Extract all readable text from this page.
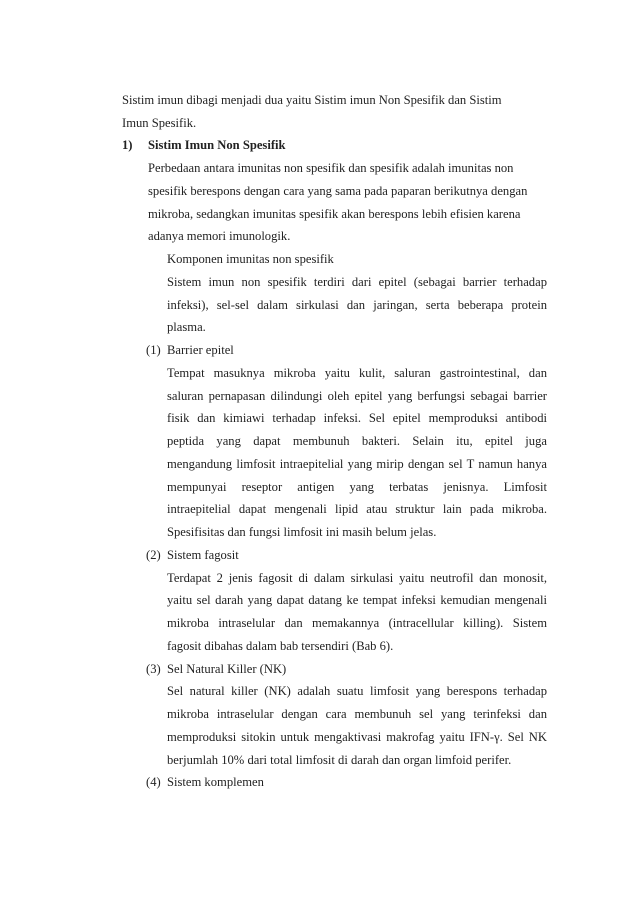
Sistim imun dibagi menjadi dua yaitu Sistim imun Non Spesifik dan Sistim
Imun Spesifik.
1) Sistim Imun Non Spesifik
Perbedaan antara imunitas non spesifik dan spesifik adalah imunitas non
spesifik berespons dengan cara yang sama pada paparan berikutnya dengan
mikroba, sedangkan imunitas spesifik akan berespons lebih efisien karena
adanya memori imunologik.
Komponen imunitas non spesifik
Sistem imun non spesifik terdiri dari epitel (sebagai barrier terhadap
infeksi), sel-sel dalam sirkulasi dan jaringan, serta beberapa protein
plasma.
(1) Barrier epitel
Tempat masuknya mikroba yaitu kulit, saluran gastrointestinal, dan
saluran pernapasan dilindungi oleh epitel yang berfungsi sebagai barrier
fisik dan kimiawi terhadap infeksi. Sel epitel memproduksi antibodi
peptida yang dapat membunuh bakteri. Selain itu, epitel juga
mengandung limfosit intraepitelial yang mirip dengan sel T namun hanya
mempunyai reseptor antigen yang terbatas jenisnya. Limfosit
intraepitelial dapat mengenali lipid atau struktur lain pada mikroba.
Spesifisitas dan fungsi limfosit ini masih belum jelas.
(2) Sistem fagosit
Terdapat 2 jenis fagosit di dalam sirkulasi yaitu neutrofil dan monosit,
yaitu sel darah yang dapat datang ke tempat infeksi kemudian mengenali
mikroba intraselular dan memakannya (intracellular killing). Sistem
fagosit dibahas dalam bab tersendiri (Bab 6).
(3) Sel Natural Killer (NK)
Sel natural killer (NK) adalah suatu limfosit yang berespons terhadap
mikroba intraselular dengan cara membunuh sel yang terinfeksi dan
memproduksi sitokin untuk mengaktivasi makrofag yaitu IFN-γ. Sel NK
berjumlah 10% dari total limfosit di darah dan organ limfoid perifer.
(4) Sistem komplemen
